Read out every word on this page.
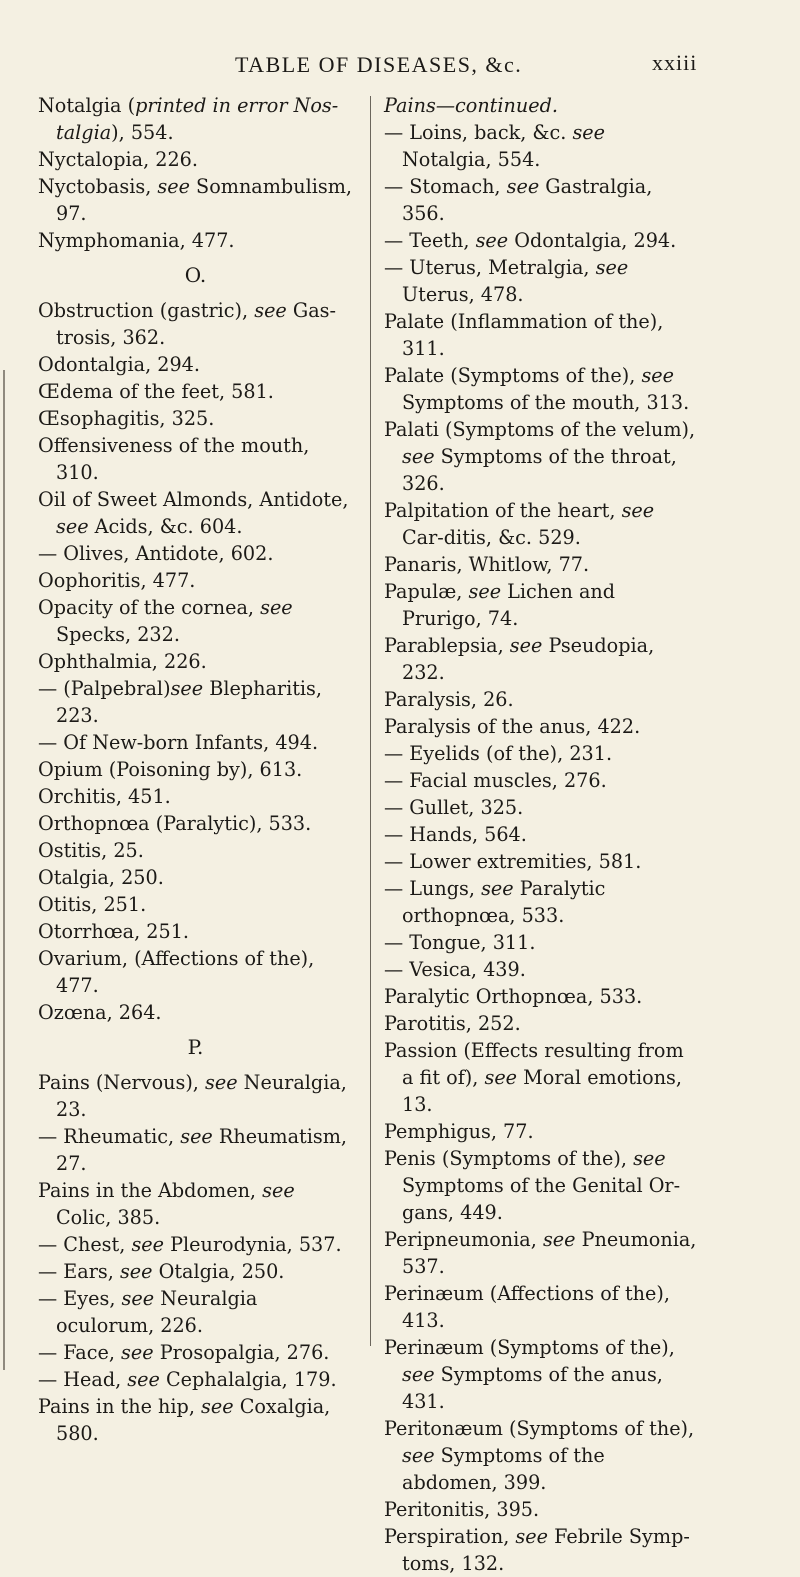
TABLE OF DISEASES, &c.	xxiii
Notalgia (printed in error Nos-talgia), 554.
Nyctalopia, 226.
Nyctobasis, see Somnambulism, 97.
Nymphomania, 477.
O.
Obstruction (gastric), see Gas-trosis, 362.
Odontalgia, 294.
Œdema of the feet, 581.
Œsophagitis, 325.
Offensiveness of the mouth, 310.
Oil of Sweet Almonds, Antidote, see Acids, &c. 604.
— Olives, Antidote, 602.
Oophoritis, 477.
Opacity of the cornea, see Specks, 232.
Ophthalmia, 226.
— (Palpebral)see Blepharitis, 223.
— Of New-born Infants, 494.
Opium (Poisoning by), 613.
Orchitis, 451.
Orthopnœa (Paralytic), 533.
Ostitis, 25.
Otalgia, 250.
Otitis, 251.
Otorrhœa, 251.
Ovarium, (Affections of the), 477.
Ozœna, 264.
P.
Pains (Nervous), see Neuralgia, 23.
— Rheumatic, see Rheumatism, 27.
Pains in the Abdomen, see Colic, 385.
— Chest, see Pleurodynia, 537.
— Ears, see Otalgia, 250.
— Eyes, see Neuralgia oculorum, 226.
— Face, see Prosopalgia, 276.
— Head, see Cephalalgia, 179.
Pains in the hip, see Coxalgia, 580.
Pains—continued.
— Loins, back, &c. see Notalgia, 554.
— Stomach, see Gastralgia, 356.
— Teeth, see Odontalgia, 294.
— Uterus, Metralgia, see Uterus, 478.
Palate (Inflammation of the), 311.
Palate (Symptoms of the), see Symptoms of the mouth, 313.
Palati (Symptoms of the velum), see Symptoms of the throat, 326.
Palpitation of the heart, see Car-ditis, &c. 529.
Panaris, Whitlow, 77.
Papulæ, see Lichen and Prurigo, 74.
Parablepsia, see Pseudopia, 232.
Paralysis, 26.
Paralysis of the anus, 422.
— Eyelids (of the), 231.
— Facial muscles, 276.
— Gullet, 325.
— Hands, 564.
— Lower extremities, 581.
— Lungs, see Paralytic orthopnœa, 533.
— Tongue, 311.
— Vesica, 439.
Paralytic Orthopnœa, 533.
Parotitis, 252.
Passion (Effects resulting from a fit of), see Moral emotions, 13.
Pemphigus, 77.
Penis (Symptoms of the), see Symptoms of the Genital Or-gans, 449.
Peripneumonia, see Pneumonia, 537.
Perinæum (Affections of the), 413.
Perinæum (Symptoms of the), see Symptoms of the anus, 431.
Peritonæum (Symptoms of the), see Symptoms of the abdomen, 399.
Peritonitis, 395.
Perspiration, see Febrile Symp-toms, 132.
